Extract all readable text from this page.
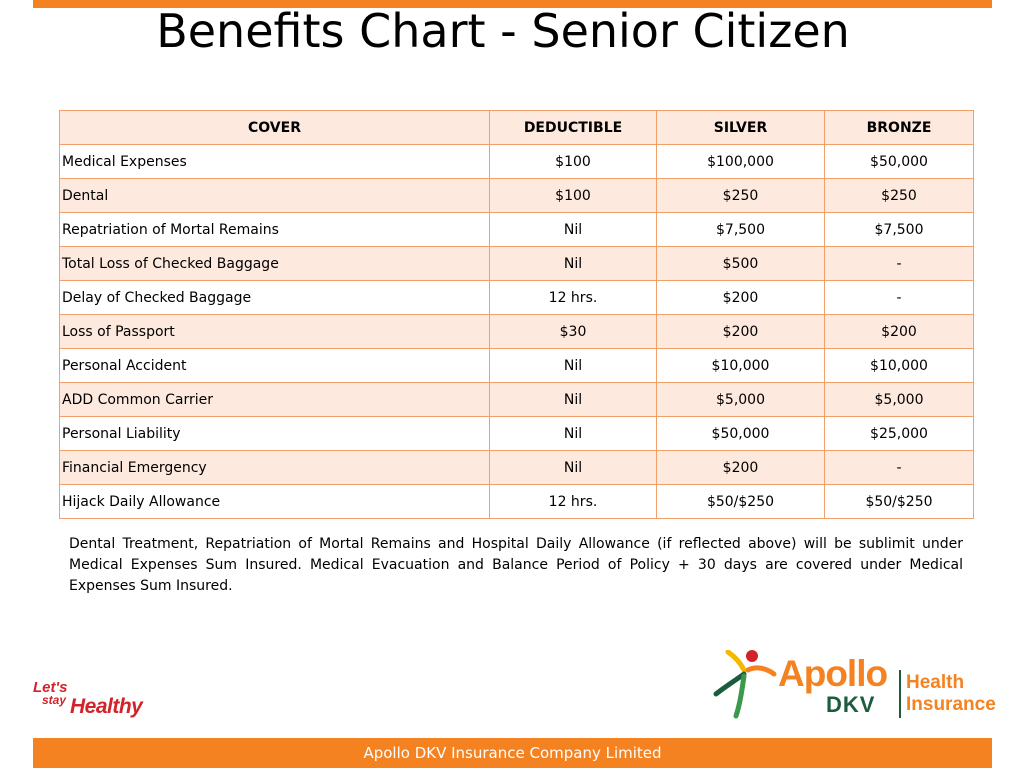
Benefits Chart - Senior Citizen
COVER	DEDUCTIBLE	SILVER	BRONZE
Medical Expenses	$100	$100,000	$50,000
Dental	$100	$250	$250
Repatriation of Mortal Remains	Nil	$7,500	$7,500
Total Loss of Checked Baggage	Nil	$500	-
Delay of Checked Baggage	12 hrs.	$200	-
Loss of Passport	$30	$200	$200
Personal Accident	Nil	$10,000	$10,000
ADD Common Carrier	Nil	$5,000	$5,000
Personal Liability	Nil	$50,000	$25,000
Financial Emergency	Nil	$200	-
Hijack Daily Allowance	12 hrs.	$50/$250	$50/$250
Dental Treatment, Repatriation of Mortal Remains and Hospital Daily Allowance (if reflected above) will be sublimit under Medical Expenses Sum Insured. Medical Evacuation and Balance Period of Policy + 30 days are covered under Medical Expenses Sum Insured.
Let's
stay Healthy
Apollo
DKV
Health
Insurance
Apollo DKV Insurance Company Limited
